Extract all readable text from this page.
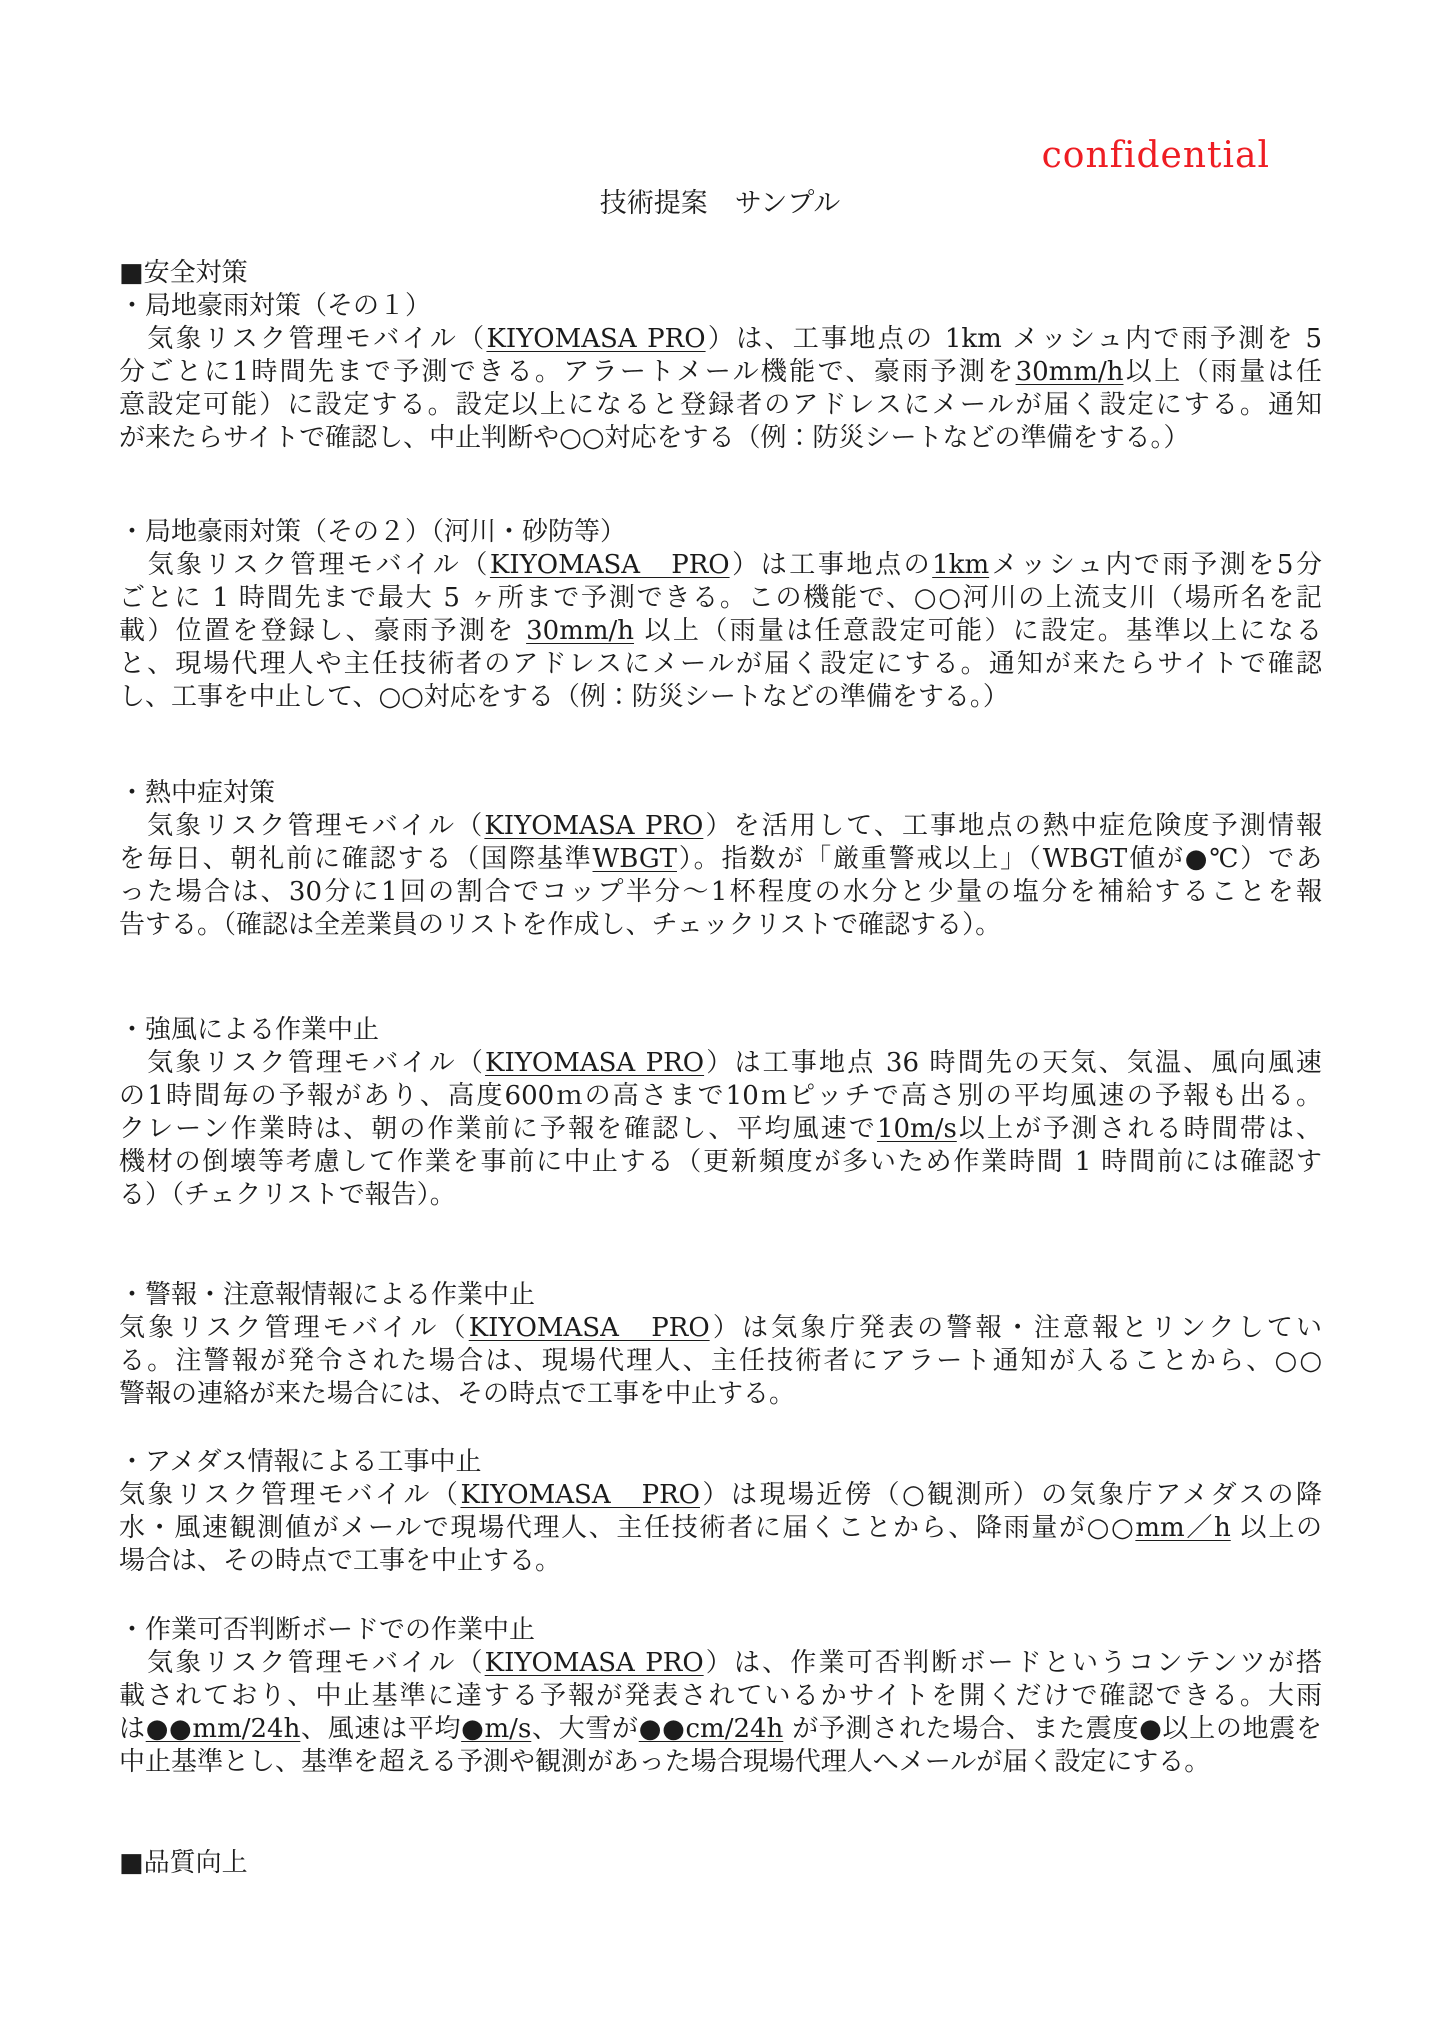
confidential
技術提案　サンプル
■安全対策
・局地豪雨対策（その１）
　気象リスク管理モバイル（KIYOMASA PRO）は、工事地点の 1km メッシュ内で雨予測を 5
分ごとに1時間先まで予測できる。アラートメール機能で、豪雨予測を30mm/h以上（雨量は任
意設定可能）に設定する。設定以上になると登録者のアドレスにメールが届く設定にする。通知
が来たらサイトで確認し、中止判断や○○対応をする（例：防災シートなどの準備をする。）
・局地豪雨対策（その２）（河川・砂防等）
　気象リスク管理モバイル（KIYOMASA　PRO）は工事地点の1kmメッシュ内で雨予測を5分
ごとに 1 時間先まで最大 5 ヶ所まで予測できる。この機能で、○○河川の上流支川（場所名を記
載）位置を登録し、豪雨予測を 30mm/h 以上（雨量は任意設定可能）に設定。基準以上になる
と、現場代理人や主任技術者のアドレスにメールが届く設定にする。通知が来たらサイトで確認
し、工事を中止して、○○対応をする（例：防災シートなどの準備をする。）
・熱中症対策
　気象リスク管理モバイル（KIYOMASA PRO）を活用して、工事地点の熱中症危険度予測情報
を毎日、朝礼前に確認する（国際基準WBGT）。指数が「厳重警戒以上」（WBGT値が●℃）であ
った場合は、30分に1回の割合でコップ半分～1杯程度の水分と少量の塩分を補給することを報
告する。（確認は全差業員のリストを作成し、チェックリストで確認する）。
・強風による作業中止
　気象リスク管理モバイル（KIYOMASA PRO）は工事地点 36 時間先の天気、気温、風向風速
の1時間毎の予報があり、高度600ｍの高さまで10ｍピッチで高さ別の平均風速の予報も出る。
クレーン作業時は、朝の作業前に予報を確認し、平均風速で10m/s以上が予測される時間帯は、
機材の倒壊等考慮して作業を事前に中止する（更新頻度が多いため作業時間 1 時間前には確認す
る）（チェクリストで報告）。
・警報・注意報情報による作業中止
気象リスク管理モバイル（KIYOMASA　PRO）は気象庁発表の警報・注意報とリンクしてい
る。注警報が発令された場合は、現場代理人、主任技術者にアラート通知が入ることから、○○
警報の連絡が来た場合には、その時点で工事を中止する。
・アメダス情報による工事中止
気象リスク管理モバイル（KIYOMASA　PRO）は現場近傍（○観測所）の気象庁アメダスの降
水・風速観測値がメールで現場代理人、主任技術者に届くことから、降雨量が○○mm／h 以上の
場合は、その時点で工事を中止する。
・作業可否判断ボードでの作業中止
　気象リスク管理モバイル（KIYOMASA PRO）は、作業可否判断ボードというコンテンツが搭
載されており、中止基準に達する予報が発表されているかサイトを開くだけで確認できる。大雨
は●●mm/24h、風速は平均●m/s、大雪が●●cm/24h が予測された場合、また震度●以上の地震を
中止基準とし、基準を超える予測や観測があった場合現場代理人へメールが届く設定にする。
■品質向上
